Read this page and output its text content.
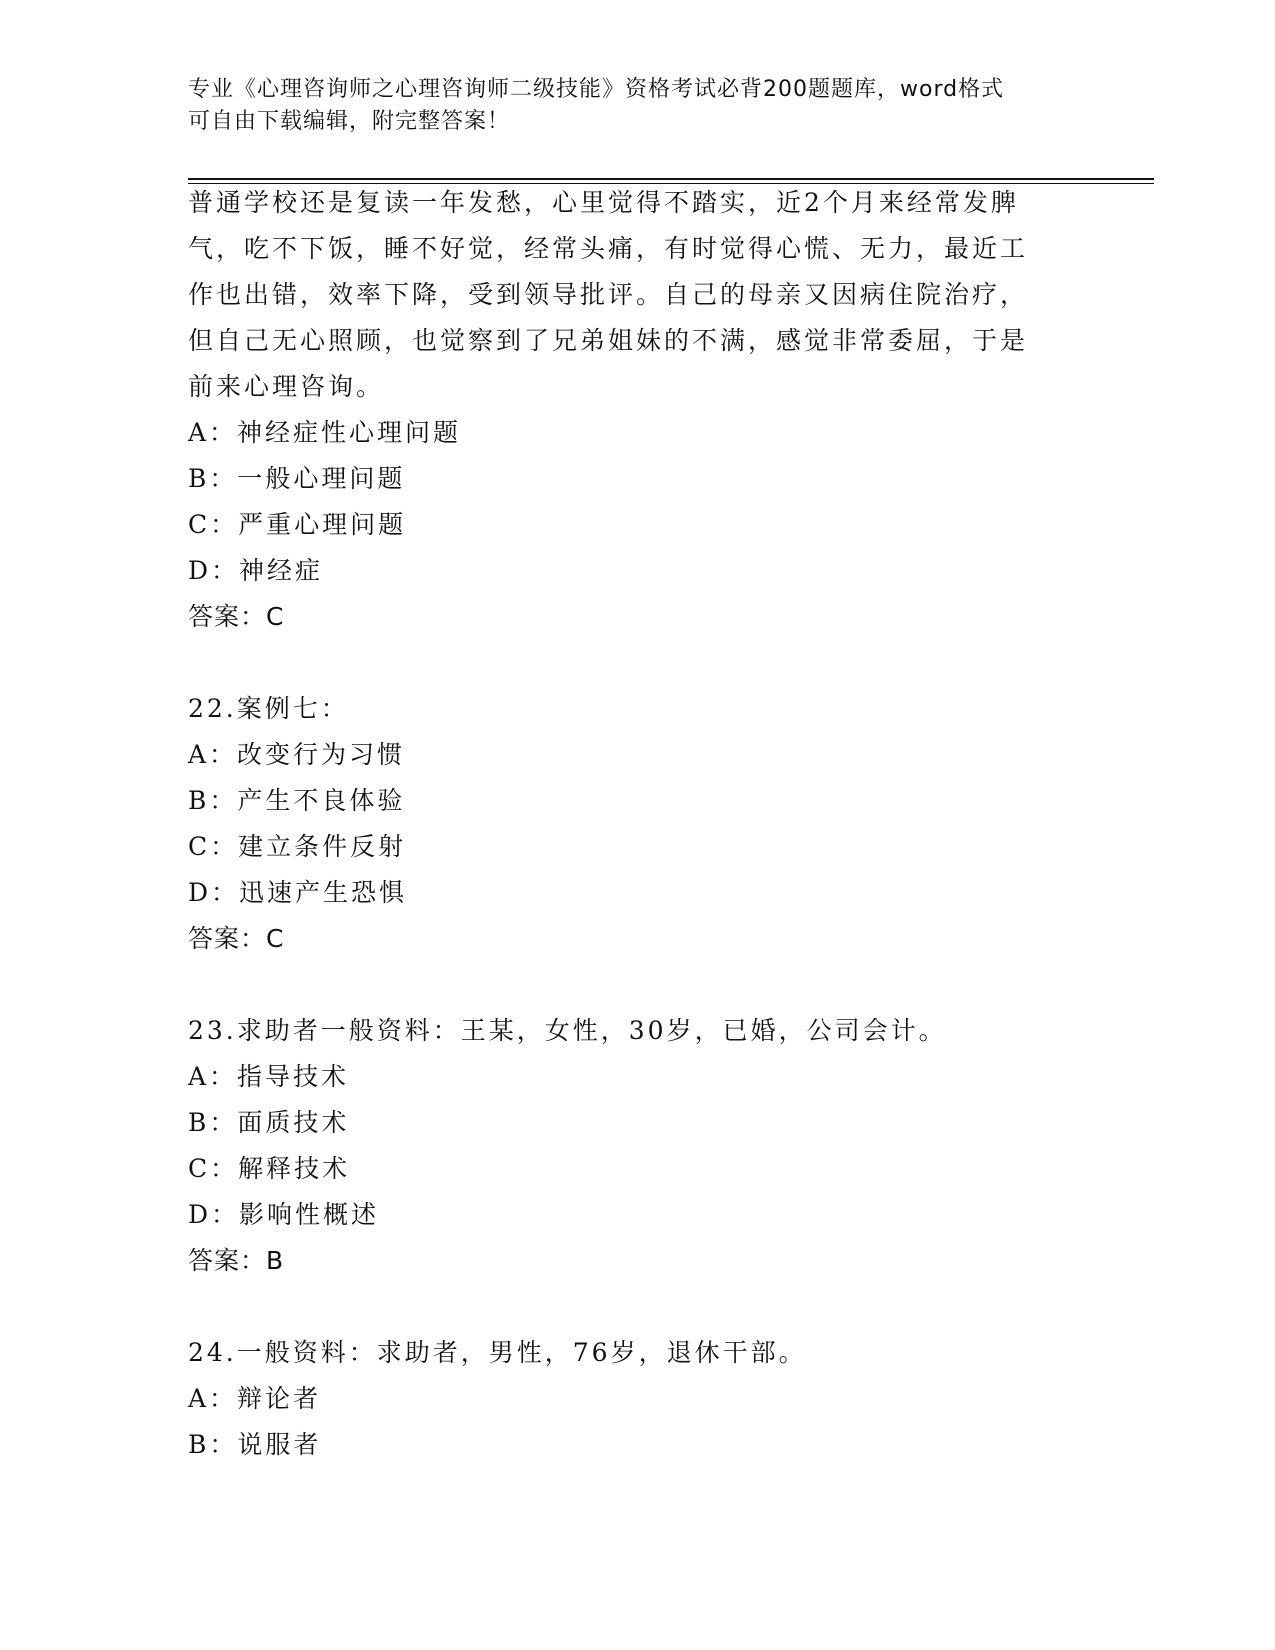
专业《心理咨询师之心理咨询师二级技能》资格考试必背200题题库，word格式
可自由下载编辑，附完整答案！
普通学校还是复读一年发愁，心里觉得不踏实，近2个月来经常发脾
气，吃不下饭，睡不好觉，经常头痛，有时觉得心慌、无力，最近工
作也出错，效率下降，受到领导批评。自己的母亲又因病住院治疗，
但自己无心照顾，也觉察到了兄弟姐妹的不满，感觉非常委屈，于是
前来心理咨询。
A：神经症性心理问题
B：一般心理问题
C：严重心理问题
D：神经症
答案：C
22.案例七：
A：改变行为习惯
B：产生不良体验
C：建立条件反射
D：迅速产生恐惧
答案：C
23.求助者一般资料：王某，女性，30岁，已婚，公司会计。
A：指导技术
B：面质技术
C：解释技术
D：影响性概述
答案：B
24.一般资料：求助者，男性，76岁，退休干部。
A：辩论者
B：说服者
